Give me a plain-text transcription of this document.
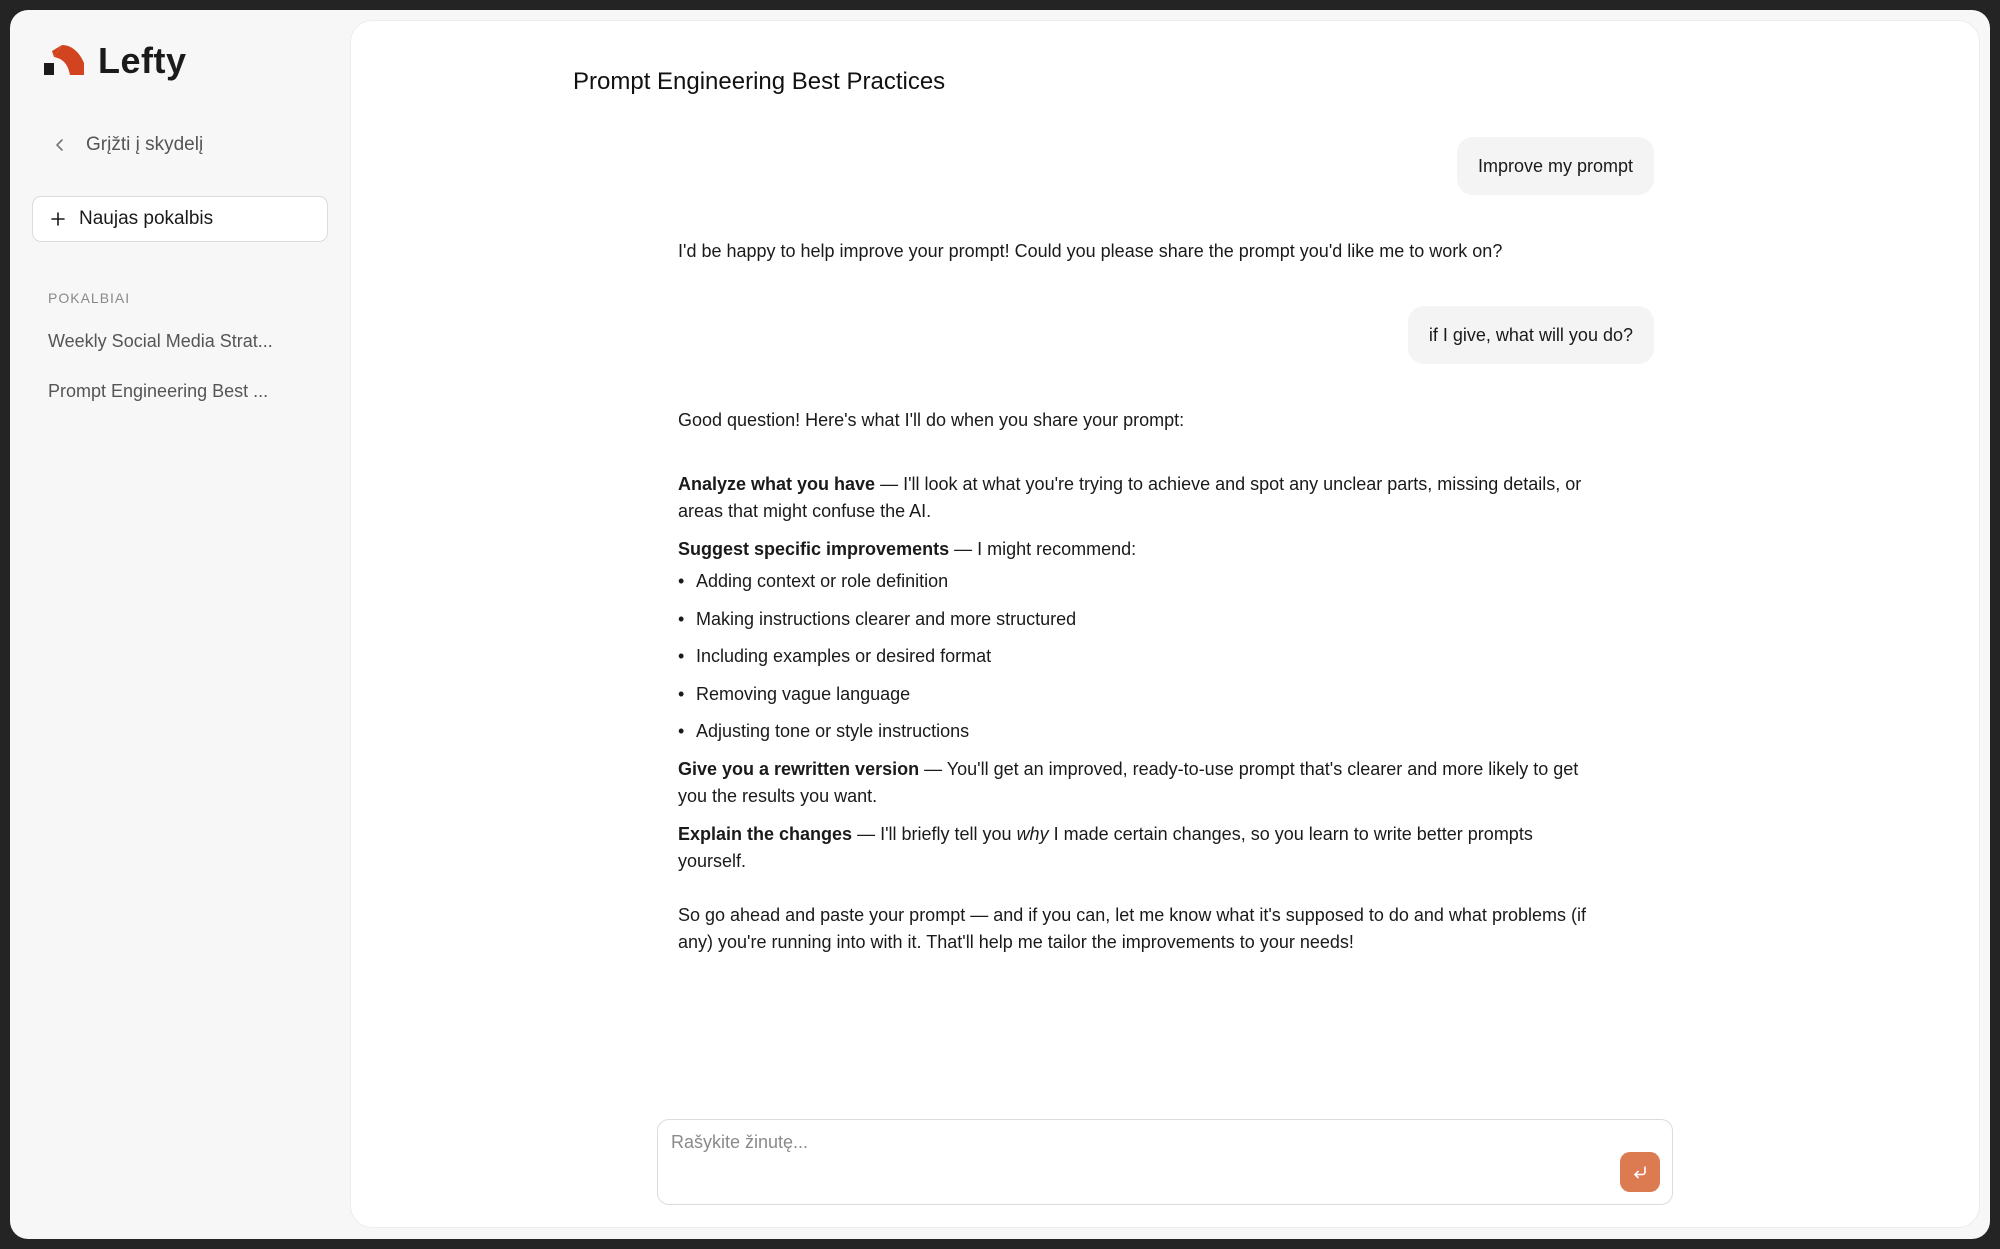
Lefty
Grįžti į skydelį
Naujas pokalbis
POKALBIAI
Weekly Social Media Strat...
Prompt Engineering Best ...
Prompt Engineering Best Practices
Improve my prompt

I'd be happy to help improve your prompt! Could you please share the prompt you'd like me to work on?

if I give, what will you do?

Good question! Here's what I'll do when you share your prompt:

Analyze what you have — I'll look at what you're trying to achieve and spot any unclear parts, missing details, or areas that might confuse the AI.

Suggest specific improvements — I might recommend:

• Adding context or role definition
• Making instructions clearer and more structured
• Including examples or desired format
• Removing vague language
• Adjusting tone or style instructions

Give you a rewritten version — You'll get an improved, ready-to-use prompt that's clearer and more likely to get you the results you want.

Explain the changes — I'll briefly tell you why I made certain changes, so you learn to write better prompts yourself.

So go ahead and paste your prompt — and if you can, let me know what it's supposed to do and what problems (if any) you're running into with it. That'll help me tailor the improvements to your needs!

Rašykite žinutę...
